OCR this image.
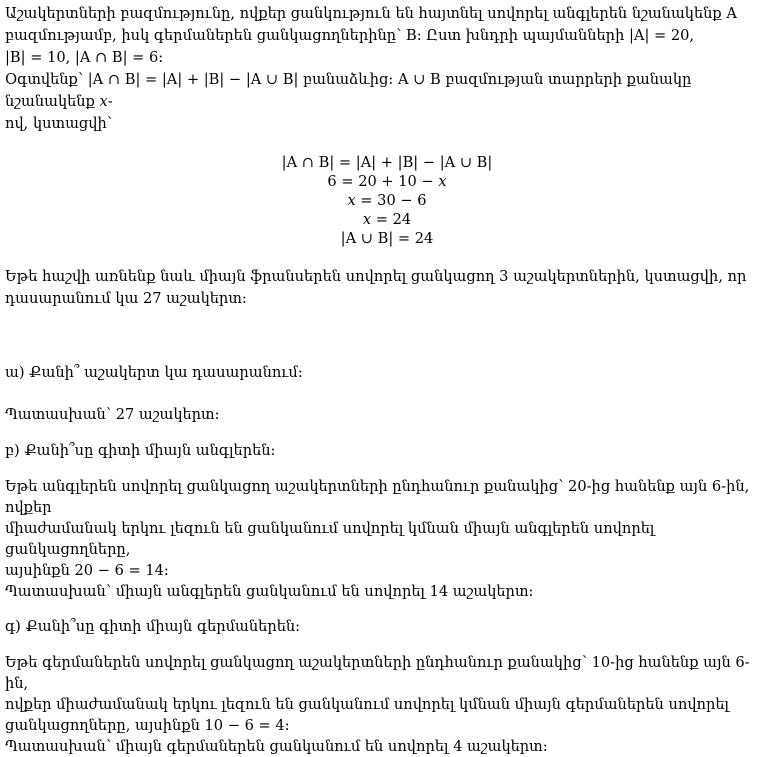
Աշակերտների բազմությունը, ովքեր ցանկություն են հայտնել սովորել անգլերեն նշանակենք A

բազմությամբ, իսկ գերմաներեն ցանկացողներինը՝ B: Ըստ խնդրի պայմանների |A| = 20,

|B| = 10, |A ∩ B| = 6:

Օգտվենք՝ |A ∩ B| = |A| + |B| − |A ∪ B| բանաձևից: A ∪ B բազմության տարրերի քանակը նշանակենք 𝑥-

ով, կստացվի՝

|A ∩ B| = |A| + |B| − |A ∪ B|
6 = 20 + 10 − 𝑥
𝑥 = 30 − 6
𝑥 = 24
|A ∪ B| = 24

Եթե հաշվի առնենք նաև միայն ֆրանսերեն սովորել ցանկացող 3 աշակերտներին, կստացվի, որ

դասարանում կա 27 աշակերտ:

ա) Քանի՞ աշակերտ կա դասարանում:

Պատասխան՝ 27 աշակերտ:

բ) Քանի՞սը գիտի միայն անգլերեն:

Եթե անգլերեն սովորել ցանկացող աշակերտների ընդհանուր քանակից՝ 20-ից հանենք այն 6-ին, ովքեր

միաժամանակ երկու լեզուն են ցանկանում սովորել կմնան միայն անգլերեն սովորել ցանկացողները,

այսինքն 20 − 6 = 14:

Պատասխան՝ միայն անգլերեն ցանկանում են սովորել 14 աշակերտ:

գ) Քանի՞սը գիտի միայն գերմաներեն:

Եթե գերմաներեն սովորել ցանկացող աշակերտների ընդհանուր քանակից՝ 10-ից հանենք այն 6-ին,

ովքեր միաժամանակ երկու լեզուն են ցանկանում սովորել կմնան միայն գերմաներեն սովորել

ցանկացողները, այսինքն 10 − 6 = 4:

Պատասխան՝ միայն գերմաներեն ցանկանում են սովորել 4 աշակերտ:
